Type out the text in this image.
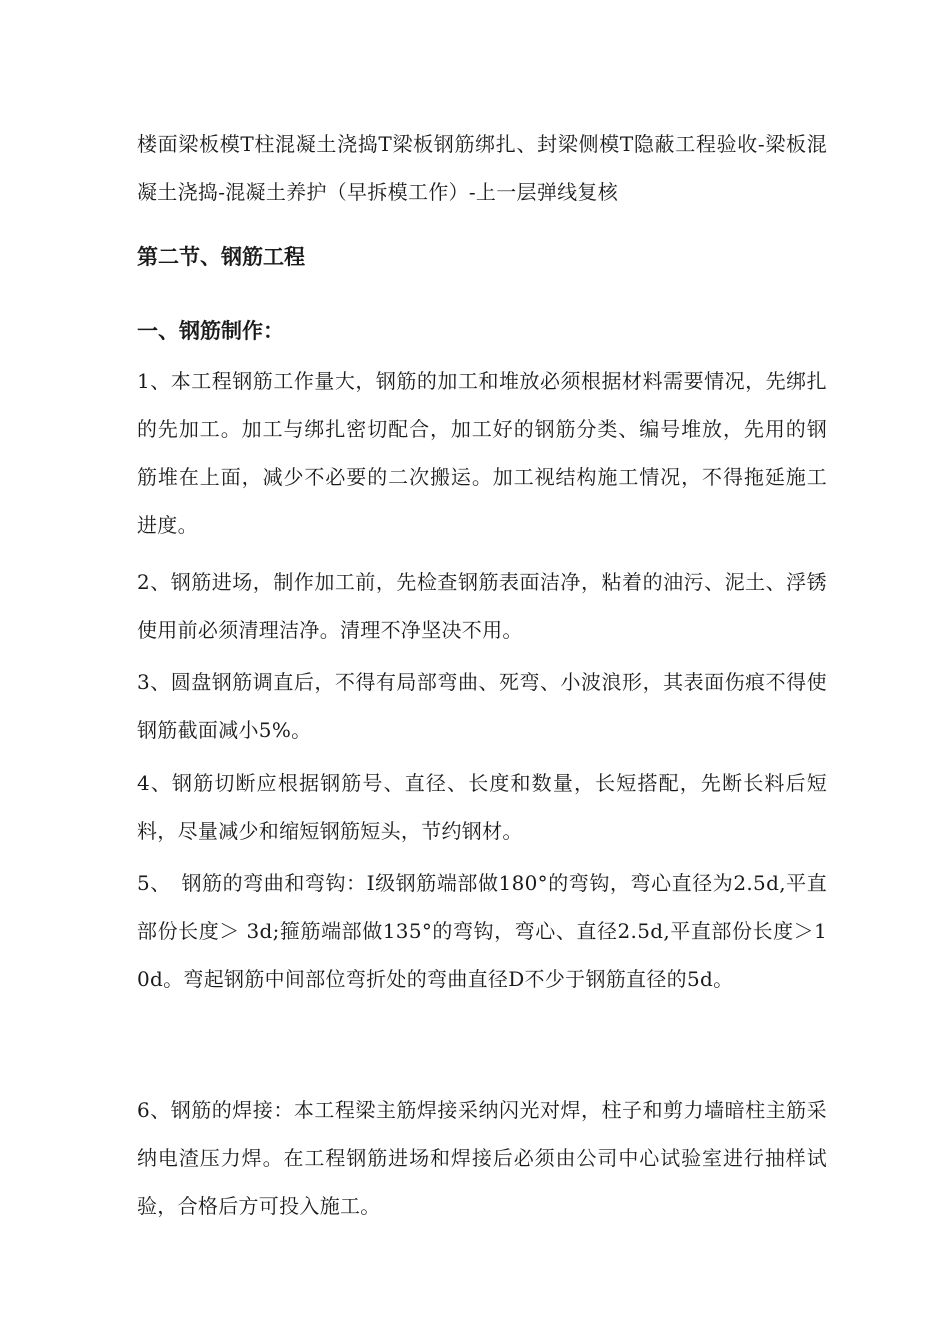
楼面梁板模T柱混凝土浇捣T梁板钢筋绑扎、封梁侧模T隐蔽工程验收-梁板混凝土浇捣-混凝土养护（早拆模工作）-上一层弹线复核

第二节、钢筋工程
一、钢筋制作：

1、本工程钢筋工作量大，钢筋的加工和堆放必须根据材料需要情况，先绑扎的先加工。加工与绑扎密切配合，加工好的钢筋分类、编号堆放，先用的钢筋堆在上面，减少不必要的二次搬运。加工视结构施工情况，不得拖延施工进度。

2、钢筋进场，制作加工前，先检查钢筋表面洁净，粘着的油污、泥土、浮锈使用前必须清理洁净。清理不净坚决不用。

3、圆盘钢筋调直后，不得有局部弯曲、死弯、小波浪形，其表面伤痕不得使钢筋截面减小5%。

4、钢筋切断应根据钢筋号、直径、长度和数量，长短搭配，先断长料后短料，尽量减少和缩短钢筋短头，节约钢材。

5、　钢筋的弯曲和弯钩：I级钢筋端部做180°的弯钩，弯心直径为2.5d,平直部份长度＞ 3d;箍筋端部做135°的弯钩，弯心、直径2.5d,平直部份长度＞10d。弯起钢筋中间部位弯折处的弯曲直径D不少于钢筋直径的5d。

6、钢筋的焊接：本工程梁主筋焊接采纳闪光对焊，柱子和剪力墙暗柱主筋采纳电渣压力焊。在工程钢筋进场和焊接后必须由公司中心试验室进行抽样试验，合格后方可投入施工。
